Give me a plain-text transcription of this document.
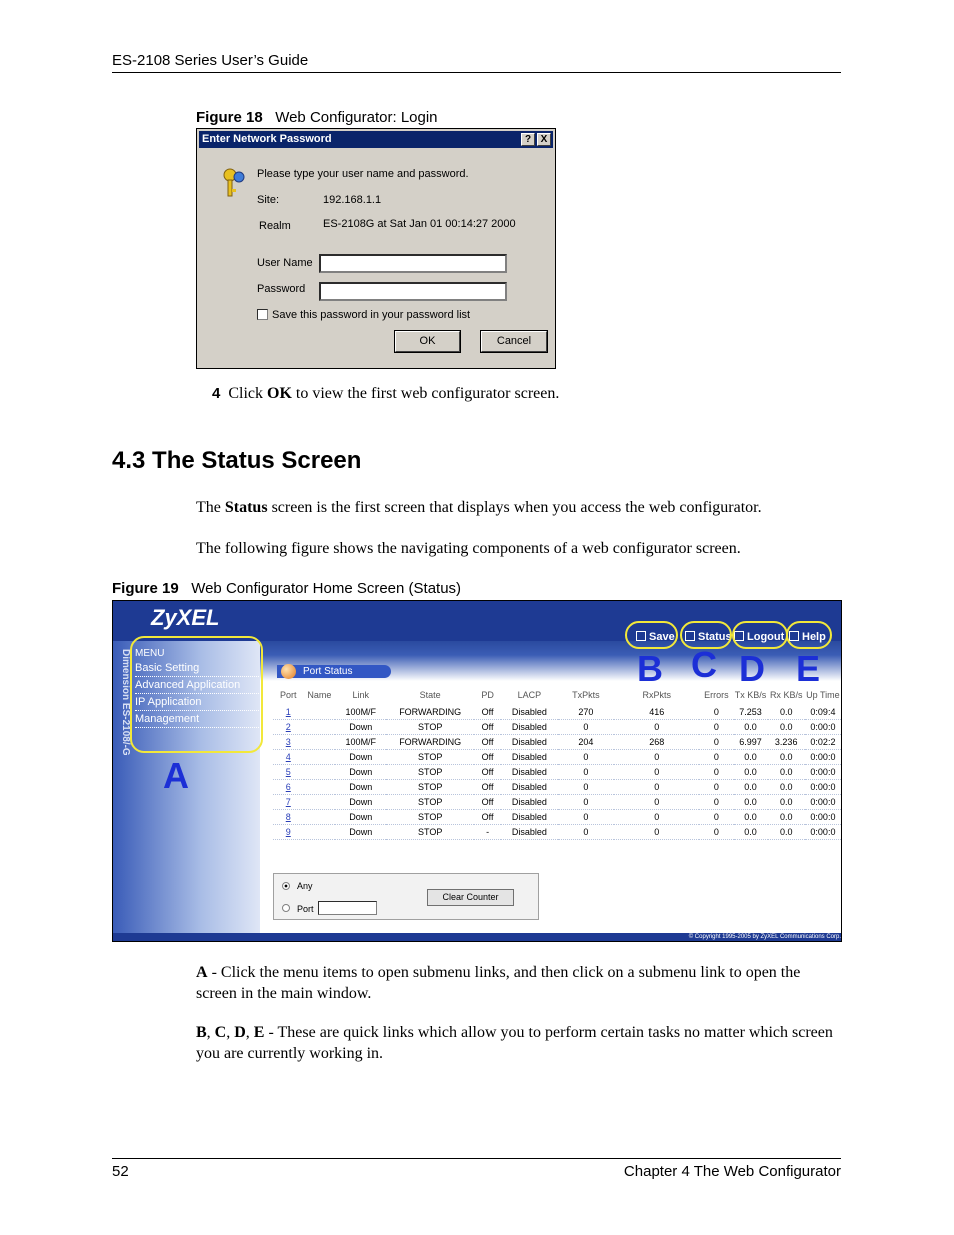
ES-2108 Series User’s Guide
Figure 18 Web Configurator: Login
Enter Network Password	? X
Please type your user name and password.
Site:	192.168.1.1
Realm	ES-2108G at Sat Jan 01 00:14:27 2000
User Name
Password
Save this password in your password list
OK	Cancel
4 Click OK to view the first web configurator screen.
4.3 The Status Screen
The Status screen is the first screen that displays when you access the web configurator.
The following figure shows the navigating components of a web configurator screen.
Figure 19 Web Configurator Home Screen (Status)
ZyXEL
Dimension ES-2108/-G MENU
Basic Setting
Advanced Application
IP Application
Management
Save	Status	Logout	Help
A
B C D E
Port Status
Port	Name	Link	State	PD	LACP	TxPkts	RxPkts	Errors	Tx KB/s	Rx KB/s	Up Time
1		100M/F	FORWARDING	Off	Disabled	270	416	0	7.253	0.0	0:09:4
2		Down	STOP	Off	Disabled	0	0	0	0.0	0.0	0:00:0
3		100M/F	FORWARDING	Off	Disabled	204	268	0	6.997	3.236	0:02:2
4		Down	STOP	Off	Disabled	0	0	0	0.0	0.0	0:00:0
5		Down	STOP	Off	Disabled	0	0	0	0.0	0.0	0:00:0
6		Down	STOP	Off	Disabled	0	0	0	0.0	0.0	0:00:0
7		Down	STOP	Off	Disabled	0	0	0	0.0	0.0	0:00:0
8		Down	STOP	Off	Disabled	0	0	0	0.0	0.0	0:00:0
9		Down	STOP	-	Disabled	0	0	0	0.0	0.0	0:00:0
Any
Port
Clear Counter
© Copyright 1995-2005 by ZyXEL Communications Corp.
A - Click the menu items to open submenu links, and then click on a submenu link to open the screen in the main window.
B, C, D, E - These are quick links which allow you to perform certain tasks no matter which screen you are currently working in.
52	Chapter 4 The Web Configurator
